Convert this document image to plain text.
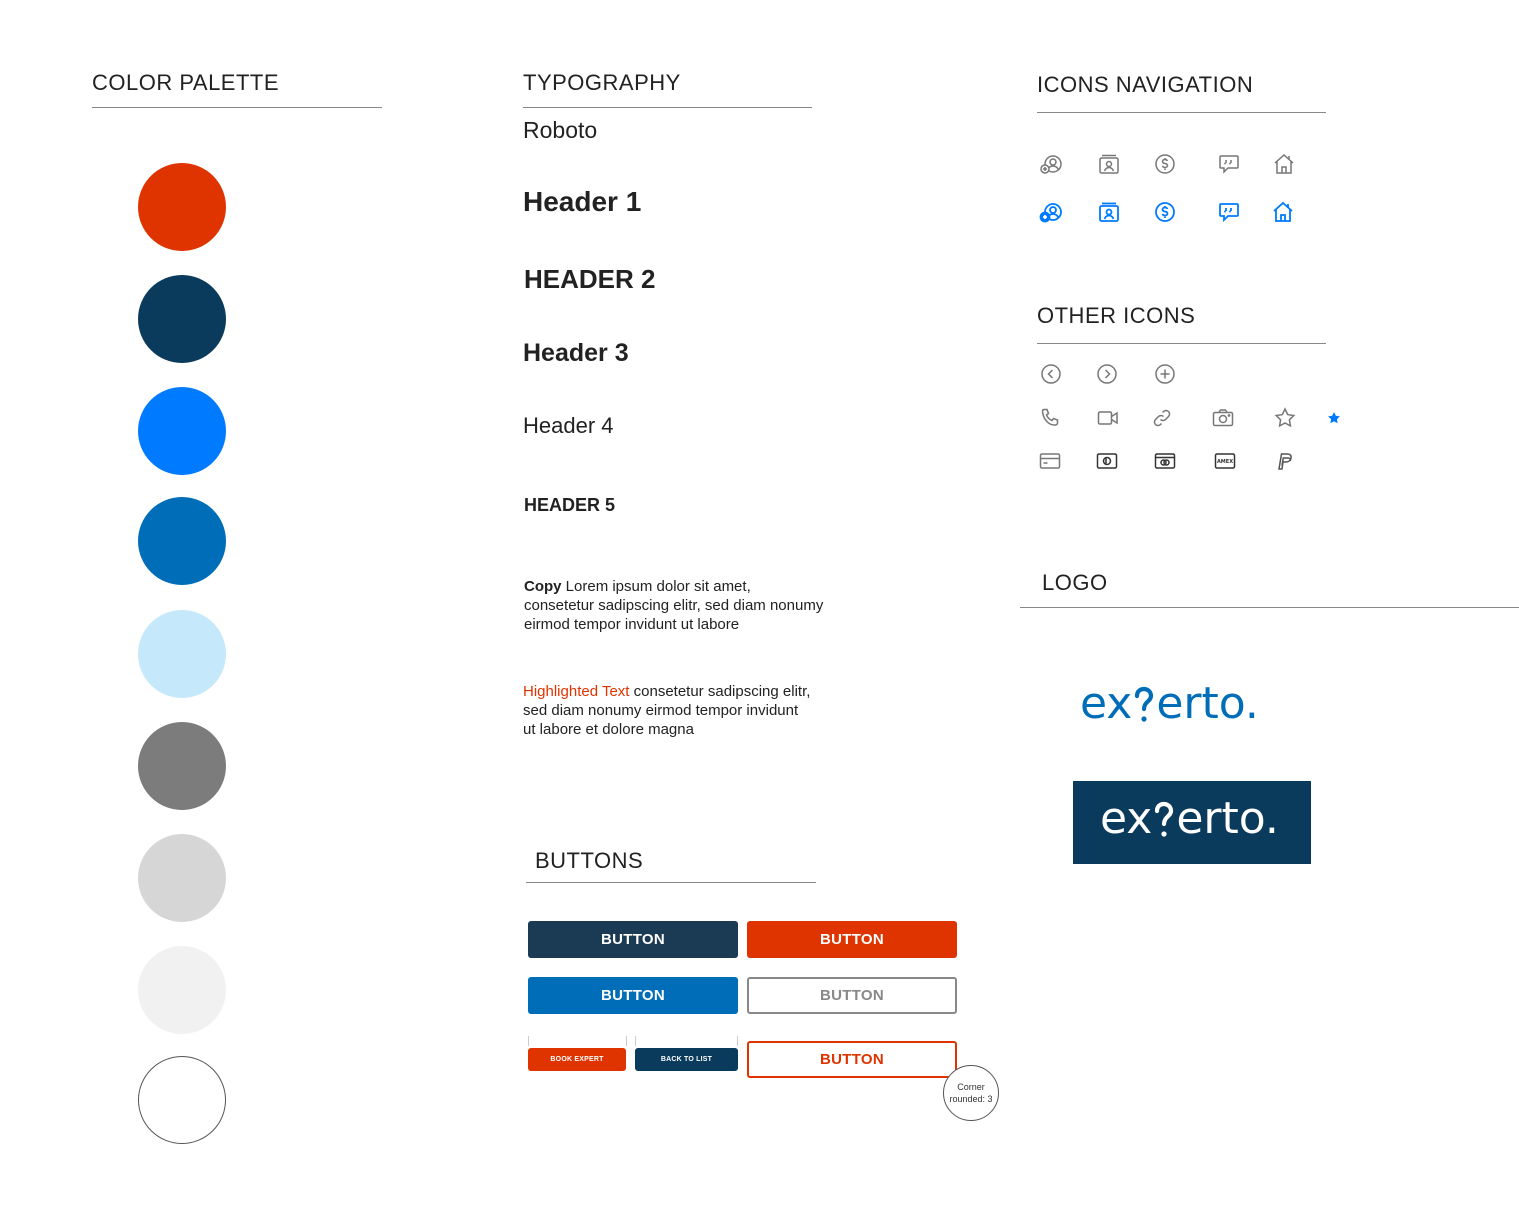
COLOR PALETTE	TYPOGRAPHY
Roboto
Header 1
HEADER 2
Header 3
Header 4
HEADER 5
Copy Lorem ipsum dolor sit amet, consetetur sadipscing elitr, sed diam nonumy eirmod tempor invidunt ut labore
Highlighted Text consetetur sadipscing elitr, sed diam nonumy eirmod tempor invidunt ut labore et dolore magna
BUTTONS
BUTTON	BUTTON
BUTTON	BUTTON
BOOK EXPERT	BACK TO LIST	BUTTON
Corner rounded: 3
ICONS NAVIGATION
OTHER ICONS
AMEX
LOGO
ex erto.
ex erto.
